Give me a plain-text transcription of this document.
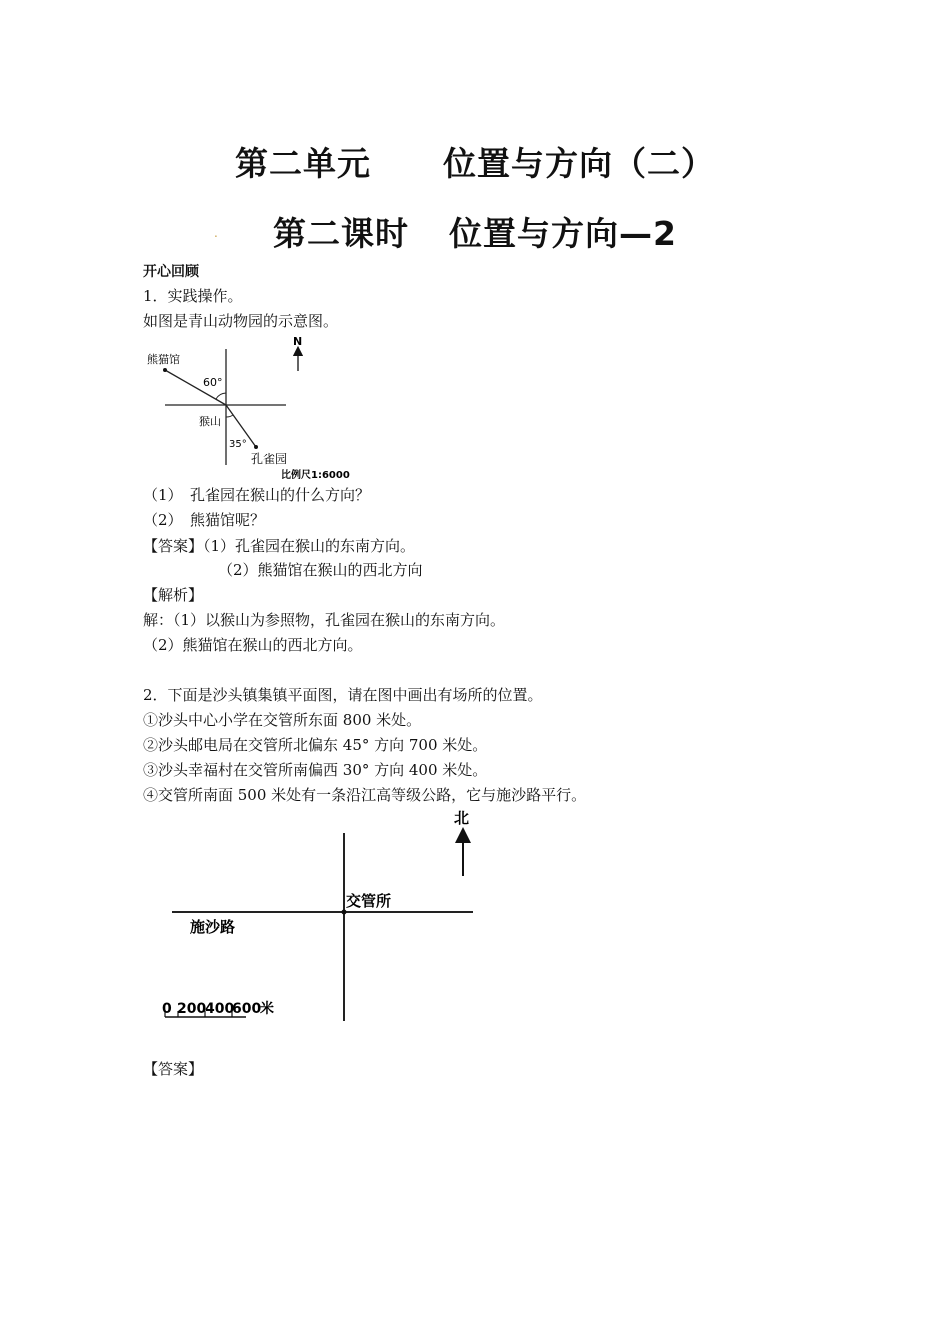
第二单元 位置与方向（二）
.	第二课时 位置与方向—2
开心回顾
1．实践操作。
如图是青山动物园的示意图。
熊猫馆
60°
猴山
35°
孔雀园
N
比例尺1:6000
（1）　孔雀园在猴山的什么方向？
（2）　熊猫馆呢？
【答案】（1）孔雀园在猴山的东南方向。
（2）熊猫馆在猴山的西北方向
【解析】
解：（1）以猴山为参照物，孔雀园在猴山的东南方向。
（2）熊猫馆在猴山的西北方向。
2．下面是沙头镇集镇平面图，请在图中画出有场所的位置。
①沙头中心小学在交管所东面 800 米处。
②沙头邮电局在交管所北偏东 45° 方向 700 米处。
③沙头幸福村在交管所南偏西 30° 方向 400 米处。
④交管所南面 500 米处有一条沿江高等级公路，它与施沙路平行。
北
交管所
施沙路
0 200
400
600
米
【答案】
